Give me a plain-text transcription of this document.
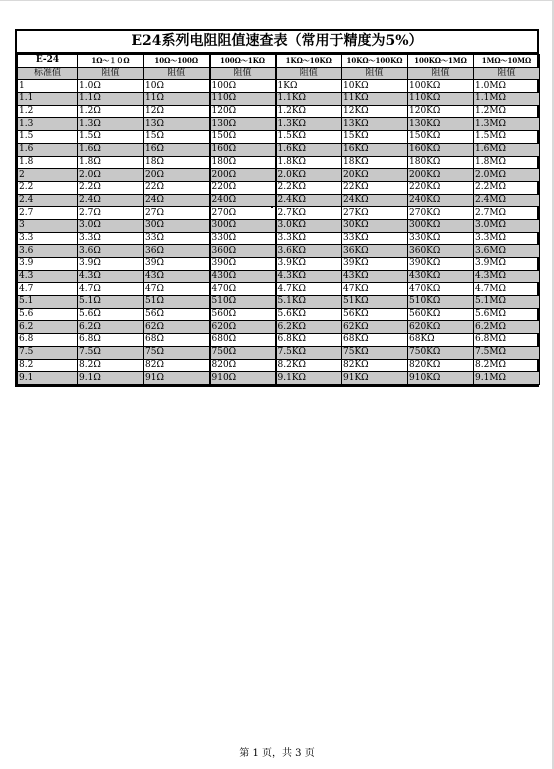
E24系列电阻阻值速查表（常用于精度为5%）
E-24	1Ω～１０Ω	10Ω～100Ω	100Ω～1KΩ	1KΩ～10KΩ	10KΩ～100KΩ	100KΩ～1MΩ	1MΩ～10MΩ
标准值	阻值	阻值	阻值	阻值	阻值	阻值	阻值
1	1.0Ω	10Ω	100Ω	1KΩ	10KΩ	100KΩ	1.0MΩ
1.1	1.1Ω	11Ω	110Ω	1.1KΩ	11KΩ	110KΩ	1.1MΩ
1.2	1.2Ω	12Ω	120Ω	1.2KΩ	12KΩ	120KΩ	1.2MΩ
1.3	1.3Ω	13Ω	130Ω	1.3KΩ	13KΩ	130KΩ	1.3MΩ
1.5	1.5Ω	15Ω	150Ω	1.5KΩ	15KΩ	150KΩ	1.5MΩ
1.6	1.6Ω	16Ω	160Ω	1.6KΩ	16KΩ	160KΩ	1.6MΩ
1.8	1.8Ω	18Ω	180Ω	1.8KΩ	18KΩ	180KΩ	1.8MΩ
2	2.0Ω	20Ω	200Ω	2.0KΩ	20KΩ	200KΩ	2.0MΩ
2.2	2.2Ω	22Ω	220Ω	2.2KΩ	22KΩ	220KΩ	2.2MΩ
2.4	2.4Ω	24Ω	240Ω	2.4KΩ	24KΩ	240KΩ	2.4MΩ
2.7	2.7Ω	27Ω	270Ω	2.7KΩ	27KΩ	270KΩ	2.7MΩ
3	3.0Ω	30Ω	300Ω	3.0KΩ	30KΩ	300KΩ	3.0MΩ
3.3	3.3Ω	33Ω	330Ω	3.3KΩ	33KΩ	330KΩ	3.3MΩ
3.6	3.6Ω	36Ω	360Ω	3.6KΩ	36KΩ	360KΩ	3.6MΩ
3.9	3.9Ω	39Ω	390Ω	3.9KΩ	39KΩ	390KΩ	3.9MΩ
4.3	4.3Ω	43Ω	430Ω	4.3KΩ	43KΩ	430KΩ	4.3MΩ
4.7	4.7Ω	47Ω	470Ω	4.7KΩ	47KΩ	470KΩ	4.7MΩ
5.1	5.1Ω	51Ω	510Ω	5.1KΩ	51KΩ	510KΩ	5.1MΩ
5.6	5.6Ω	56Ω	560Ω	5.6KΩ	56KΩ	560KΩ	5.6MΩ
6.2	6.2Ω	62Ω	620Ω	6.2KΩ	62KΩ	620KΩ	6.2MΩ
6.8	6.8Ω	68Ω	680Ω	6.8KΩ	68KΩ	68KΩ	6.8MΩ
7.5	7.5Ω	75Ω	750Ω	7.5KΩ	75KΩ	750KΩ	7.5MΩ
8.2	8.2Ω	82Ω	820Ω	8.2KΩ	82KΩ	820KΩ	8.2MΩ
9.1	9.1Ω	91Ω	910Ω	9.1KΩ	91KΩ	910KΩ	9.1MΩ
第 1 页，共 3 页
